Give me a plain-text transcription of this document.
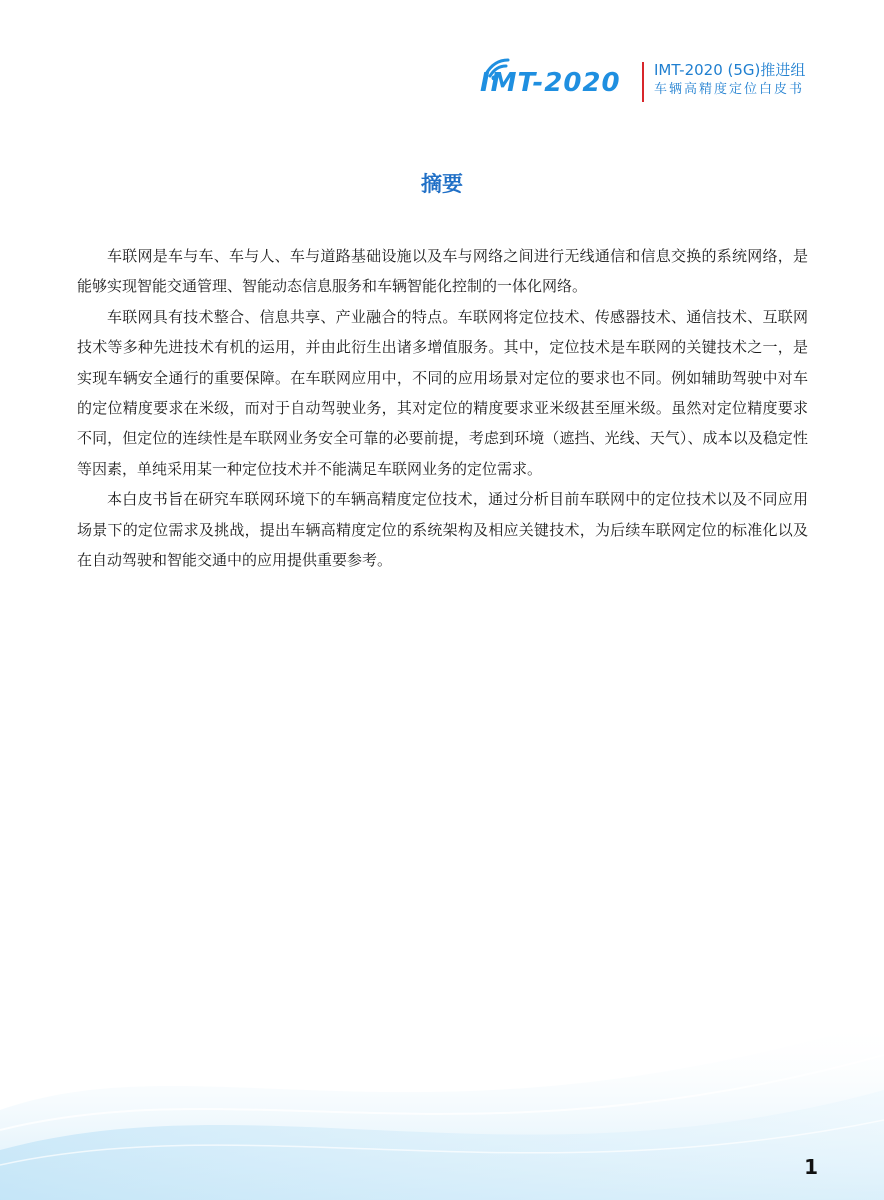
IMT-2020 IMT-2020 (5G)推进组
车辆高精度定位白皮书
摘要

车联网是车与车、车与人、车与道路基础设施以及车与网络之间进行无线通信和信息交换的系统网络，是能够实现智能交通管理、智能动态信息服务和车辆智能化控制的一体化网络。

车联网具有技术整合、信息共享、产业融合的特点。车联网将定位技术、传感器技术、通信技术、互联网技术等多种先进技术有机的运用，并由此衍生出诸多增值服务。其中，定位技术是车联网的关键技术之一，是实现车辆安全通行的重要保障。在车联网应用中，不同的应用场景对定位的要求也不同。例如辅助驾驶中对车的定位精度要求在米级，而对于自动驾驶业务，其对定位的精度要求亚米级甚至厘米级。虽然对定位精度要求不同，但定位的连续性是车联网业务安全可靠的必要前提，考虑到环境（遮挡、光线、天气）、成本以及稳定性等因素，单纯采用某一种定位技术并不能满足车联网业务的定位需求。

本白皮书旨在研究车联网环境下的车辆高精度定位技术，通过分析目前车联网中的定位技术以及不同应用场景下的定位需求及挑战，提出车辆高精度定位的系统架构及相应关键技术，为后续车联网定位的标准化以及在自动驾驶和智能交通中的应用提供重要参考。

1
